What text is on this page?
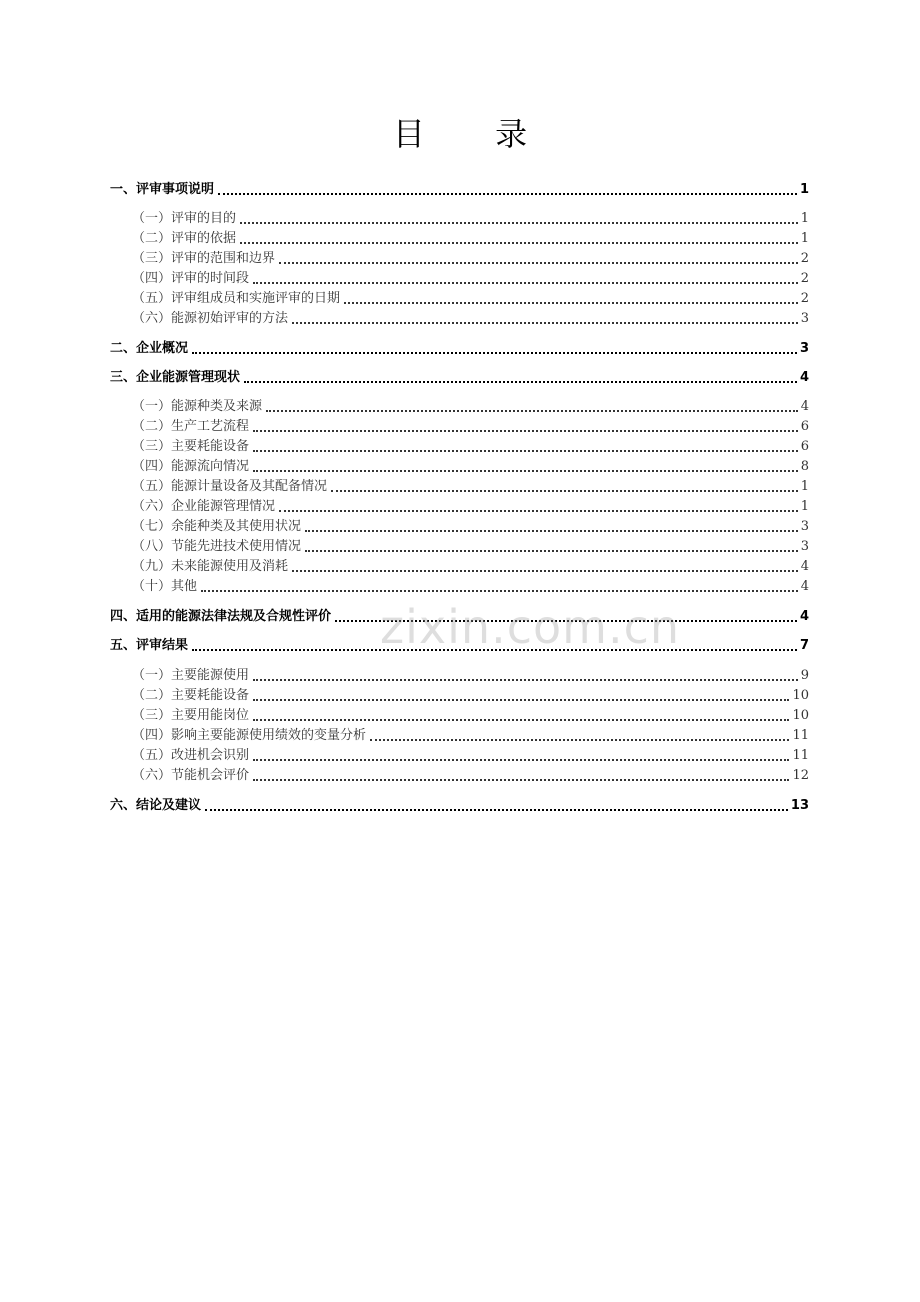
目 录
一、评审事项说明	1
（一）评审的目的	1
（二）评审的依据	1
（三）评审的范围和边界	2
（四）评审的时间段	2
（五）评审组成员和实施评审的日期	2
（六）能源初始评审的方法	3
二、企业概况	3
三、企业能源管理现状	4
（一）能源种类及来源	4
（二）生产工艺流程	6
（三）主要耗能设备	6
（四）能源流向情况	8
（五）能源计量设备及其配备情况	1
（六）企业能源管理情况	1
（七）余能种类及其使用状况	3
（八）节能先进技术使用情况	3
（九）未来能源使用及消耗	4
（十）其他	4
四、适用的能源法律法规及合规性评价	4
五、评审结果	7
（一）主要能源使用	9
（二）主要耗能设备	10
（三）主要用能岗位	10
（四）影响主要能源使用绩效的变量分析	11
（五）改进机会识别	11
（六）节能机会评价	12
六、结论及建议	13
zixin.com.cn
